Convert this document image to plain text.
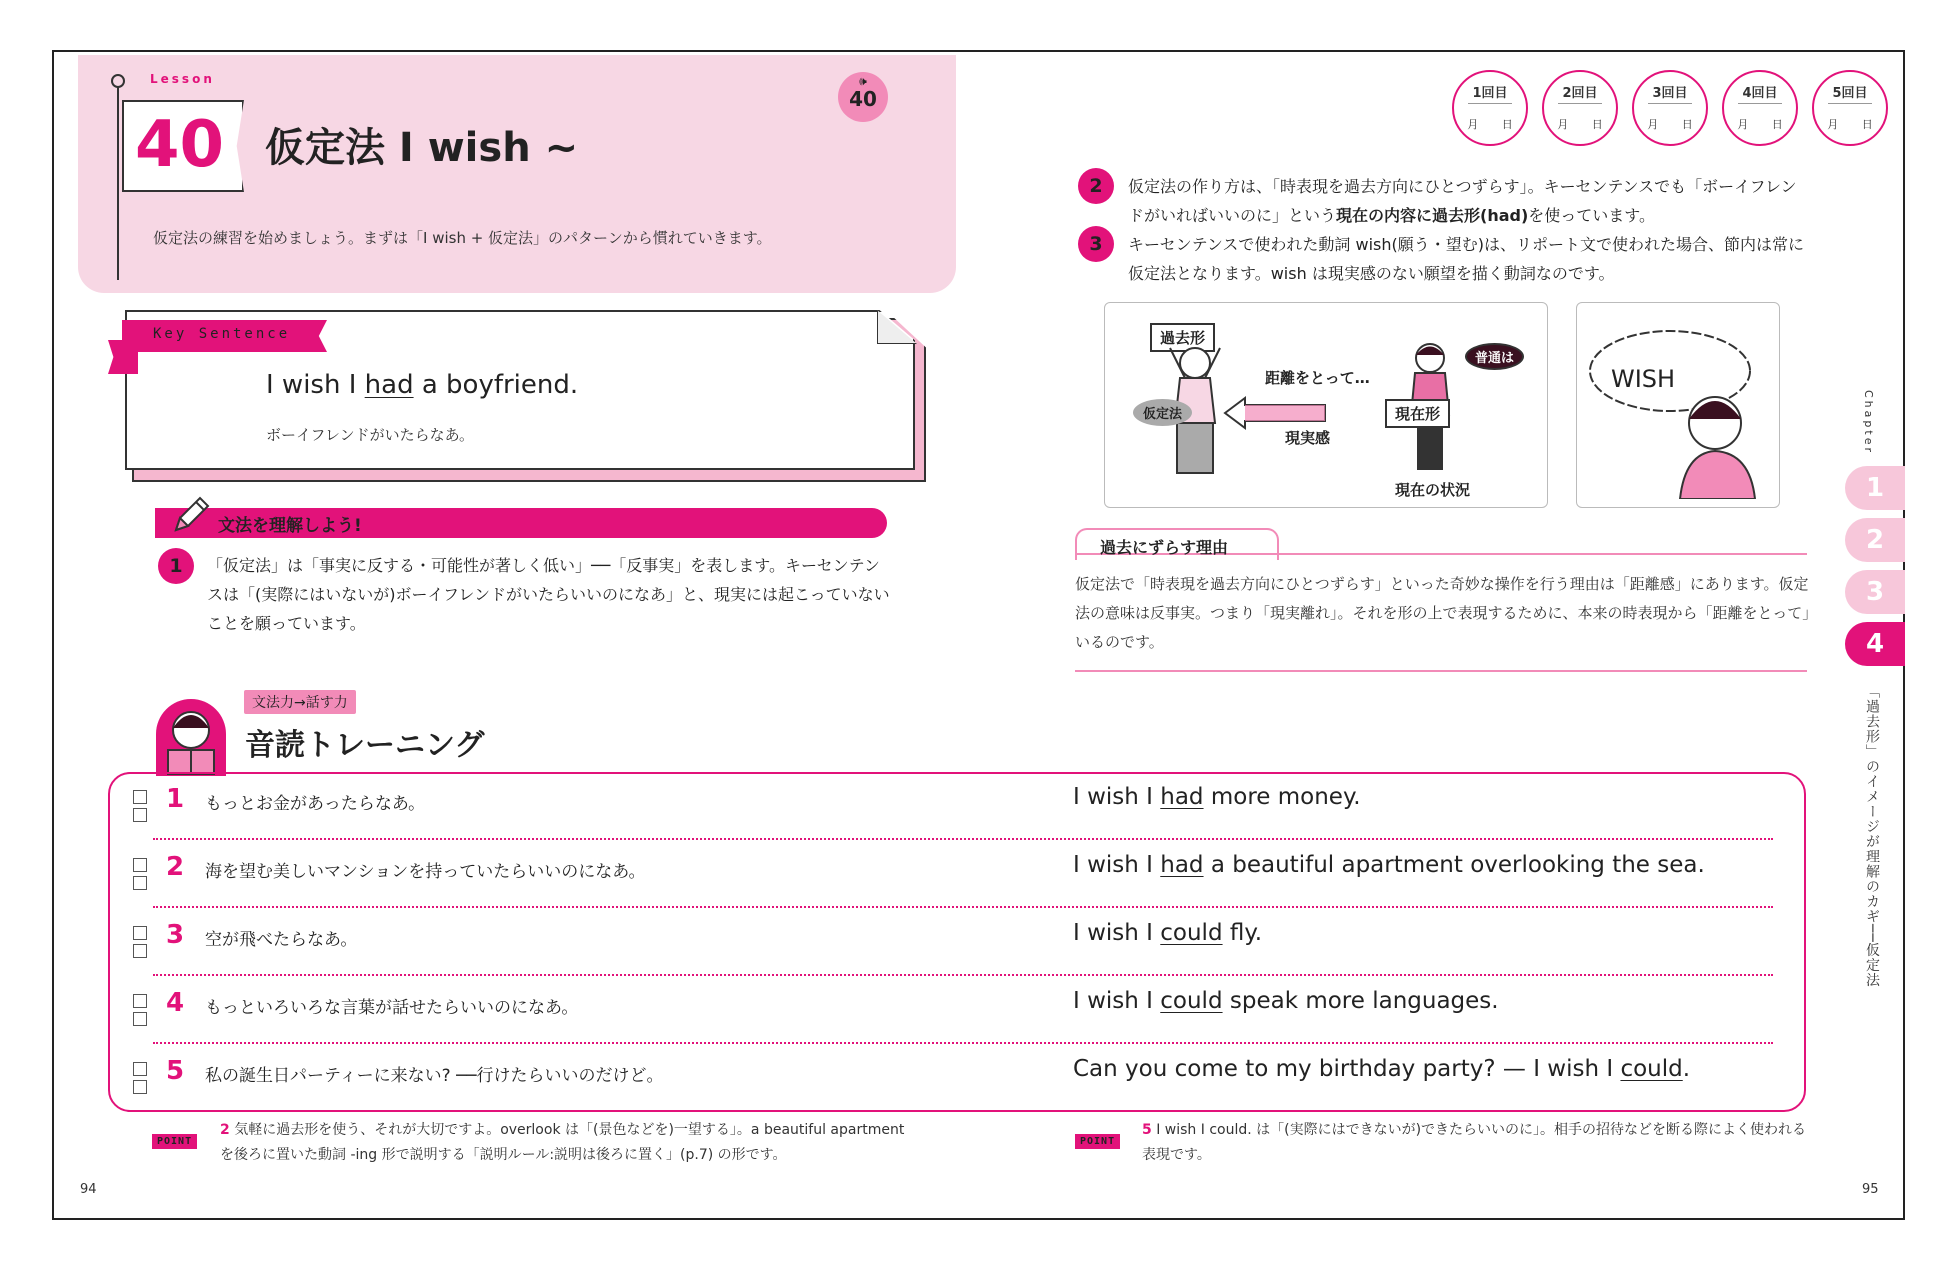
Lesson
40 仮定法 I wish ~
仮定法の練習を始めましょう。まずは「I wish + 仮定法」のパターンから慣れていきます。
🕪
40	1回目
月 日
2回目
月 日
3回目
月 日
4回目
月 日
5回目
月 日
Key Sentence
I wish I had a boyfriend.
ボーイフレンドがいたらなあ。
文法を理解しよう!
1	「仮定法」は「事実に反する・可能性が著しく低い」──「反事実」を表します。キーセンテンスは「(実際にはいないが)ボーイフレンドがいたらいいのになあ」と、現実には起こっていないことを願っています。
2	仮定法の作り方は、「時表現を過去方向にひとつずらす」。キーセンテンスでも「ボーイフレンドがいればいいのに」という現在の内容に過去形(had)を使っています。
3	キーセンテンスで使われた動詞 wish(願う・望む)は、リポート文で使われた場合、節内は常に仮定法となります。wish は現実感のない願望を描く動詞なのです。
過去形
仮定法
距離をとって…
現実感
現在形
普通は
現在の状況
WISH
過去にずらす理由
仮定法で「時表現を過去方向にひとつずらす」といった奇妙な操作を行う理由は「距離感」にあります。仮定法の意味は反事実。つまり「現実離れ」。それを形の上で表現するために、本来の時表現から「距離をとって」いるのです。
Chapter
1
2
3
4
「過去形」のイメージが理解のカギ──仮定法
文法力→話す力
音読トレーニング
1 もっとお金があったらなあ。	I wish I had more money.
2 海を望む美しいマンションを持っていたらいいのになあ。	I wish I had a beautiful apartment overlooking the sea.
3 空が飛べたらなあ。	I wish I could fly.
4 もっといろいろな言葉が話せたらいいのになあ。	I wish I could speak more languages.
5 私の誕生日パーティーに来ない? ──行けたらいいのだけど。	Can you come to my birthday party? — I wish I could.
POINT
2 気軽に過去形を使う、それが大切ですよ。overlook は「(景色などを)一望する」。a beautiful apartment を後ろに置いた動詞 -ing 形で説明する「説明ルール:説明は後ろに置く」(p.7) の形です。
POINT
5 I wish I could. は「(実際にはできないが)できたらいいのに」。相手の招待などを断る際によく使われる表現です。
94	95
